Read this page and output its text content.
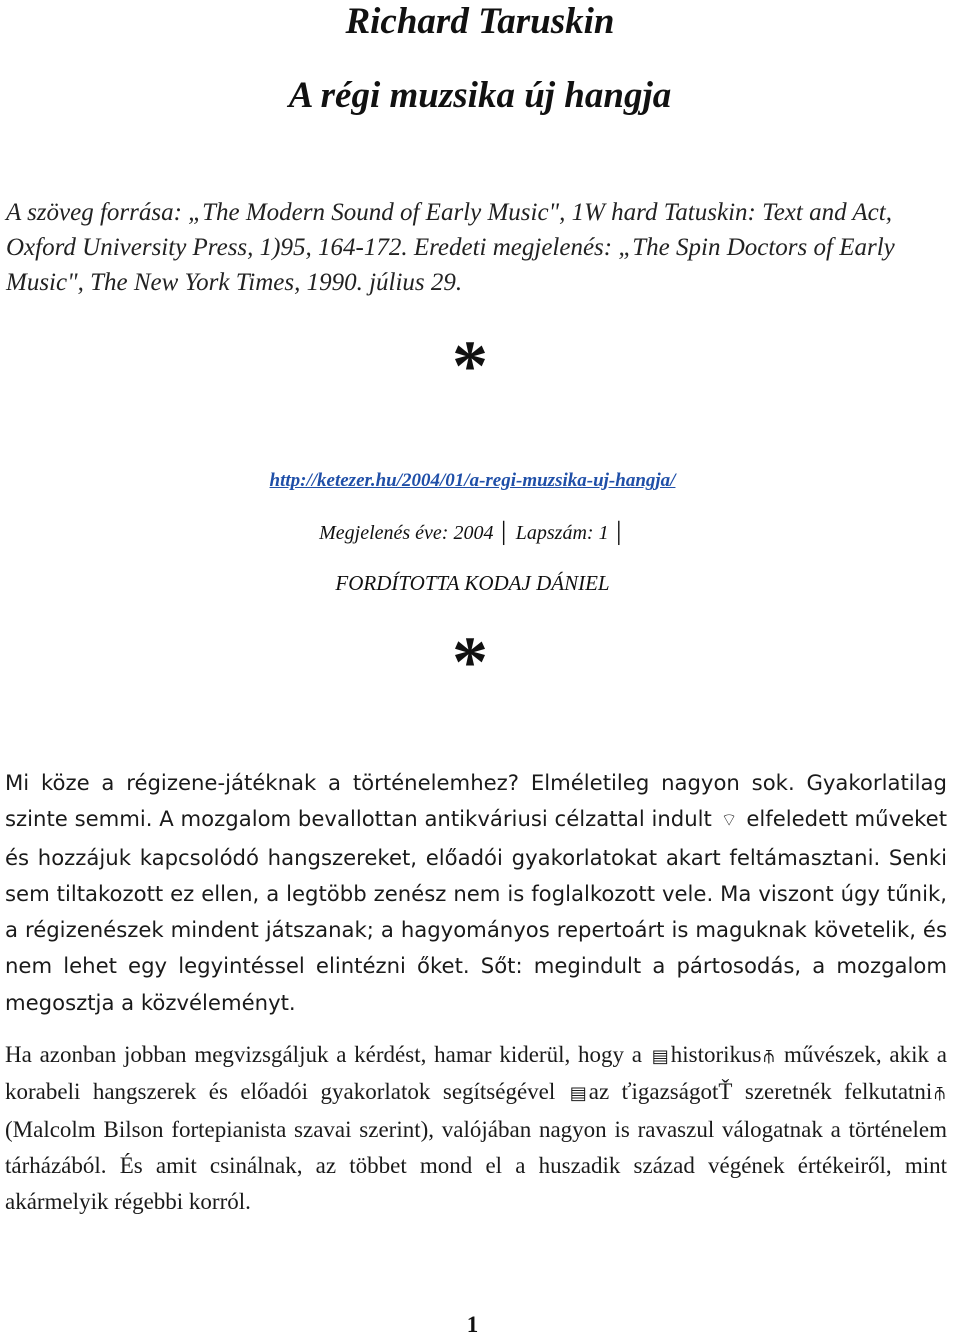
Richard Taruskin
A régi muzsika új hangja
A szöveg forrása: „The Modern Sound of Early Music", 1W hard Tatuskin: Text and Act, Oxford University Press, 1)95, 164-172. Eredeti megjelenés: „The Spin Doctors of Early Music", The New York Times, 1990. július 29.
*
http://ketezer.hu/2004/01/a-regi-muzsika-uj-hangja/
Megjelenés éve: 2004 │ Lapszám: 1 │
FORDÍTOTTA KODAJ DÁNIEL
*
Mi köze a régizene-játéknak a történelemhez? Elméletileg nagyon sok. Gyakorlatilag szinte semmi. A mozgalom bevallottan antikváriusi célzattal indult ⌔ elfeledett műveket és hozzájuk kapcsolódó hangszereket, előadói gyakorlatokat akart feltámasztani. Senki sem tiltakozott ez ellen, a legtöbb zenész nem is foglalkozott vele. Ma viszont úgy tűnik, a régizenészek mindent játszanak; a hagyományos repertoárt is maguknak követelik, és nem lehet egy legyintéssel elintézni őket. Sőt: megindult a pártosodás, a mozgalom megosztja a közvéleményt.
Ha azonban jobban megvizsgáljuk a kérdést, hamar kiderül, hogy a ▤historikus ⫚ művészek, akik a korabeli hangszerek és előadói gyakorlatok segítségével ▤az ťigazságotŤ szeretnék felkutatni ⫚ (Malcolm Bilson fortepianista szavai szerint), valójában nagyon is ravaszul válogatnak a történelem tárházából. És amit csinálnak, az többet mond el a huszadik század végének értékeiről, mint akármelyik régebbi korról.
1
